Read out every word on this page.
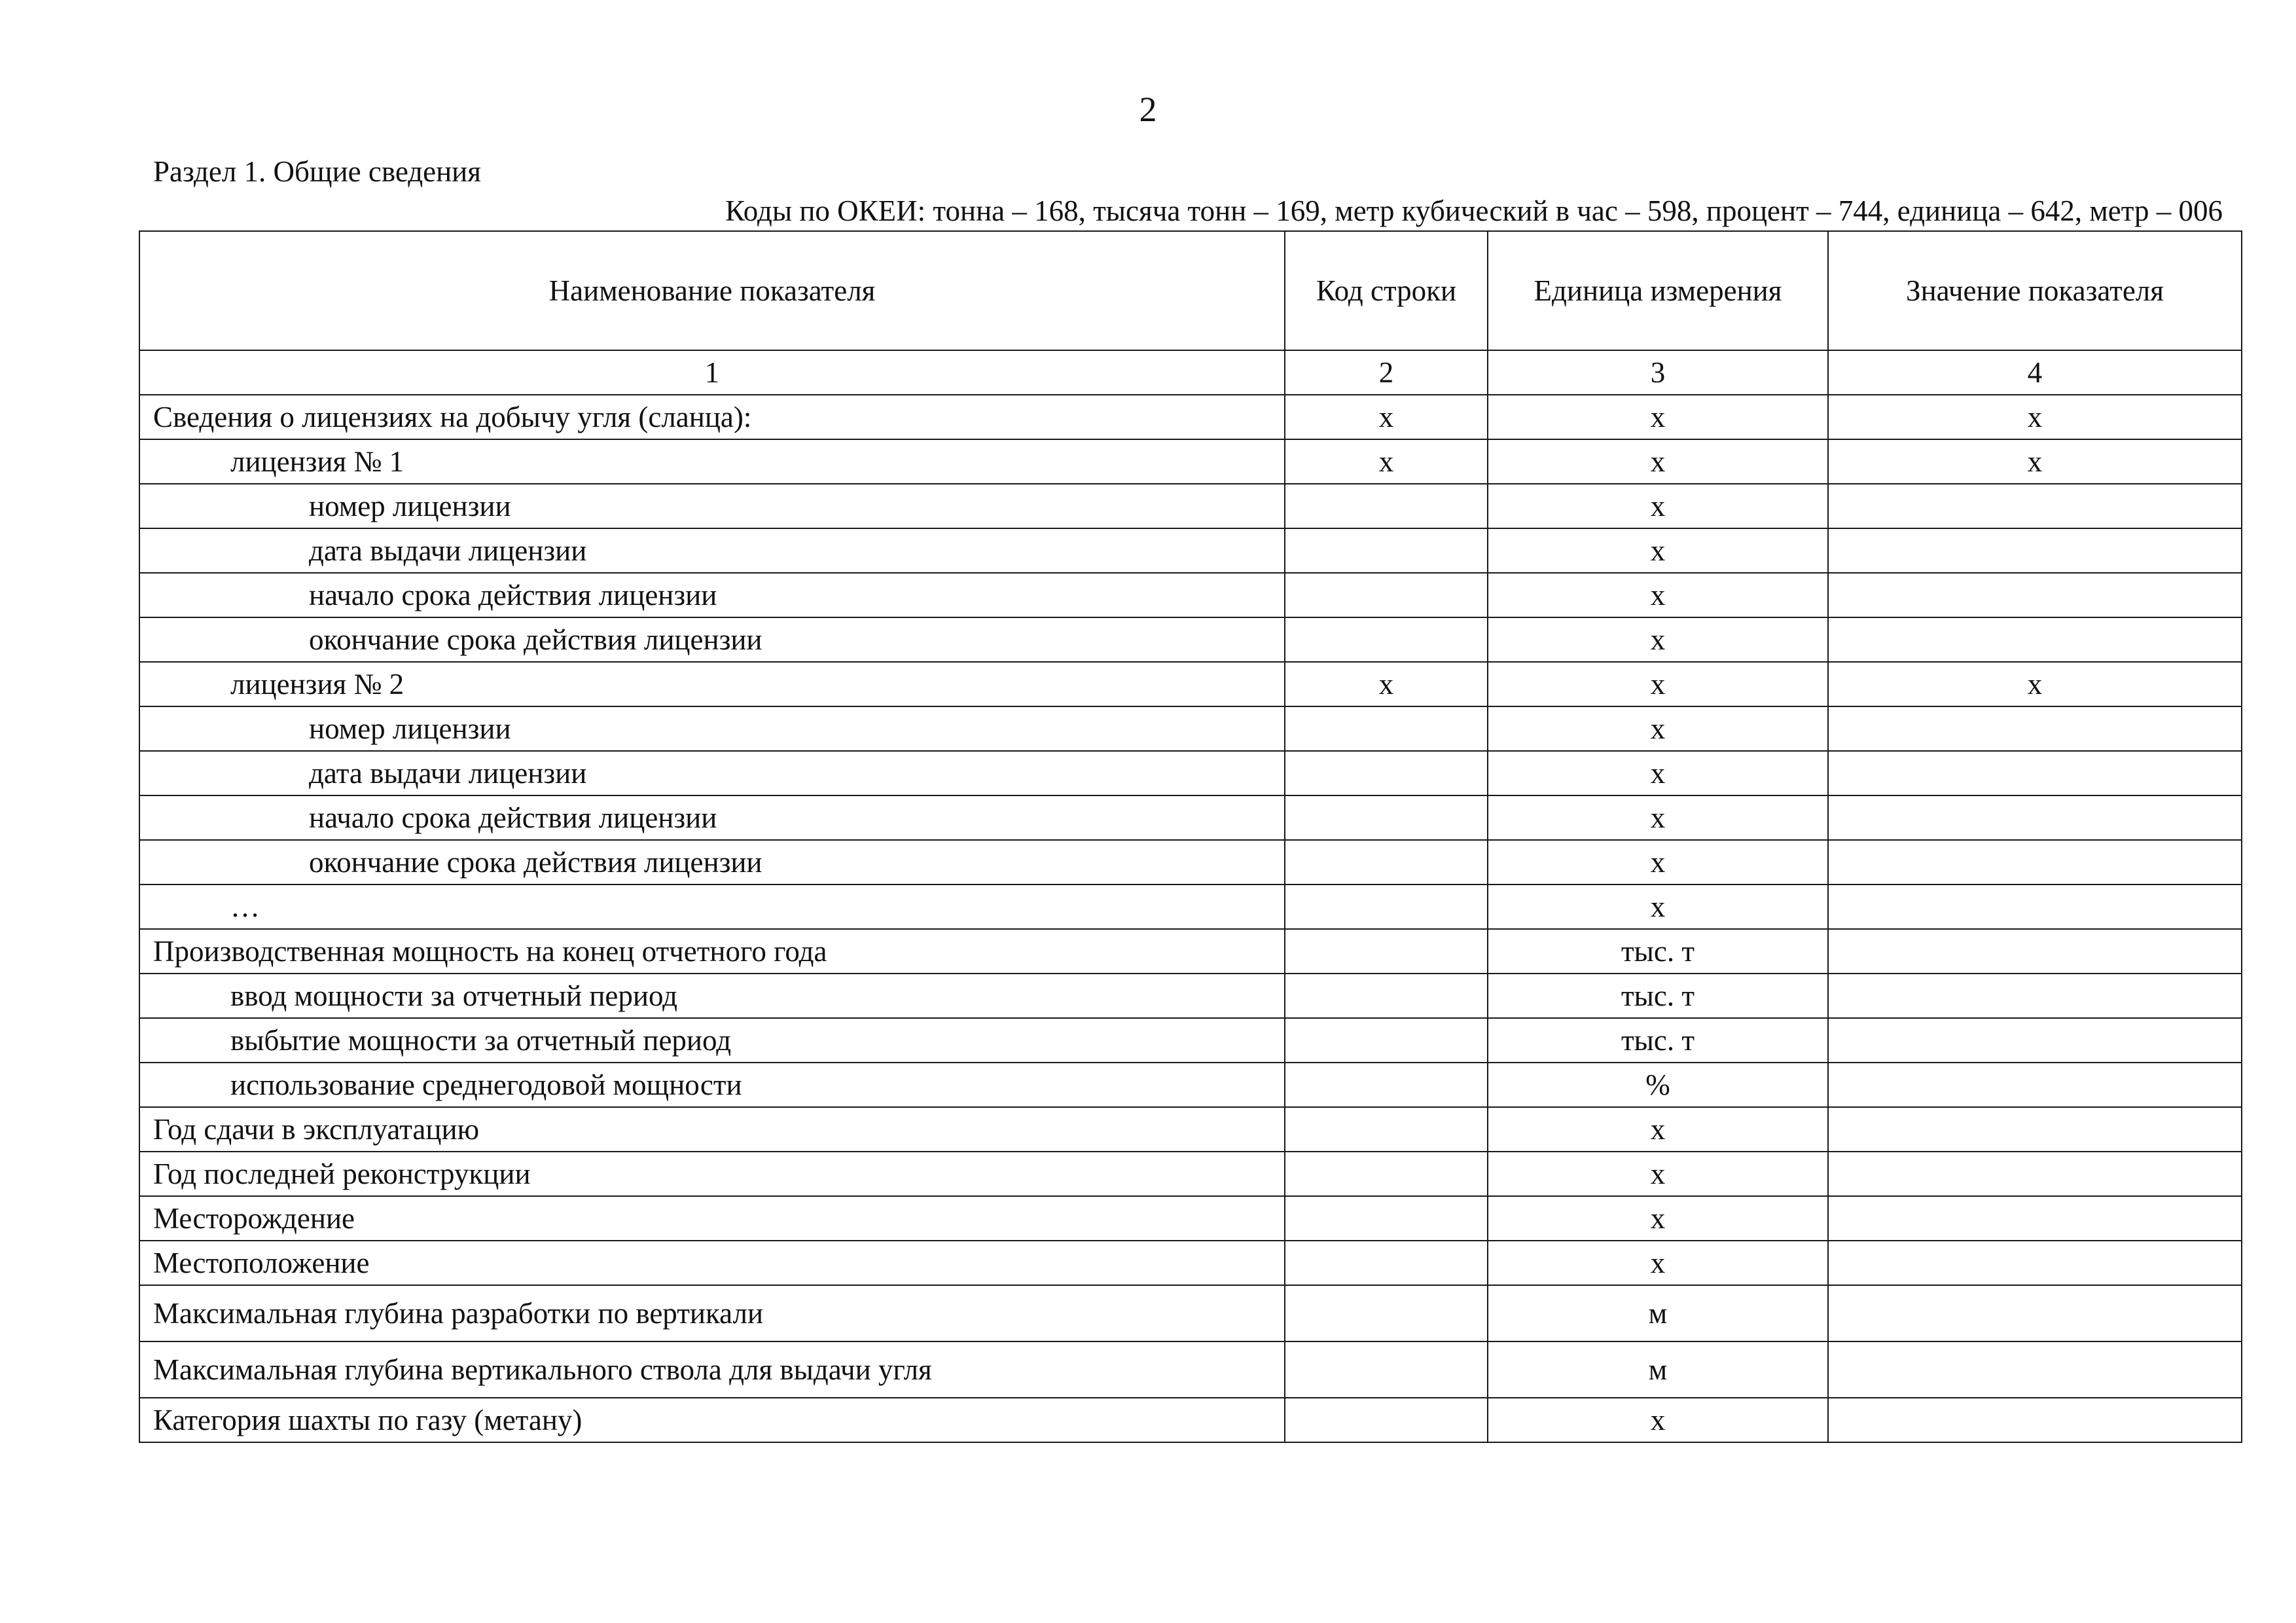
2
Раздел 1. Общие сведения
Коды по ОКЕИ: тонна – 168, тысяча тонн – 169, метр кубический в час – 598, процент – 744, единица – 642, метр – 006
Наименование показателя	Код строки	Единица измерения	Значение показателя
1	2	3	4
Сведения о лицензиях на добычу угля (сланца):	x	x	x
лицензия № 1	x	x	x
номер лицензии		x	
дата выдачи лицензии		x	
начало срока действия лицензии		x	
окончание срока действия лицензии		x	
лицензия № 2	x	x	x
номер лицензии		x	
дата выдачи лицензии		x	
начало срока действия лицензии		x	
окончание срока действия лицензии		x	
…		x	
Производственная мощность на конец отчетного года		тыс. т	
ввод мощности за отчетный период		тыс. т	
выбытие мощности за отчетный период		тыс. т	
использование среднегодовой мощности		%	
Год сдачи в эксплуатацию		x	
Год последней реконструкции		x	
Месторождение		x	
Местоположение		x	
Максимальная глубина разработки по вертикали		м	
Максимальная глубина вертикального ствола для выдачи угля		м	
Категория шахты по газу (метану)		x	
